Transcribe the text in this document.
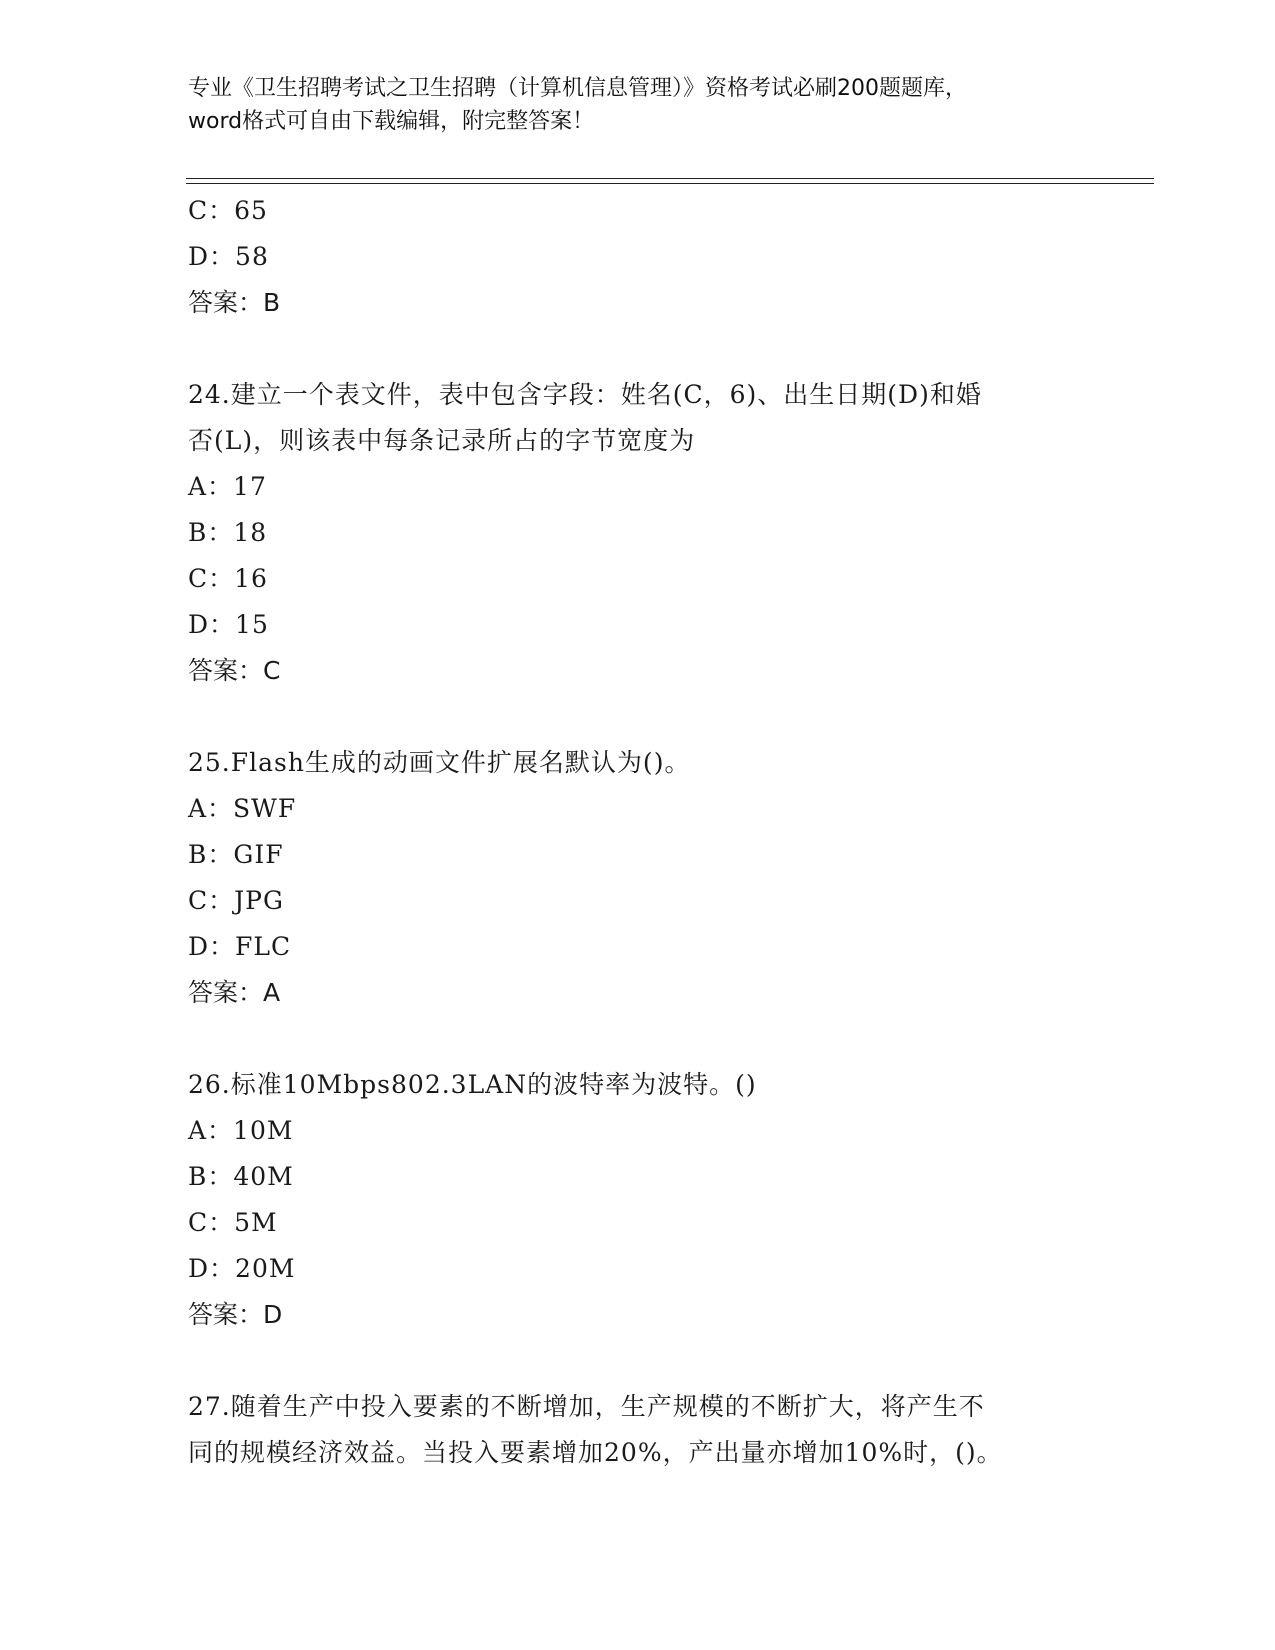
专业《卫生招聘考试之卫生招聘（计算机信息管理）》资格考试必刷200题题库，
word格式可自由下载编辑，附完整答案！
C：65
D：58
答案：B
24.建立一个表文件，表中包含字段：姓名(C，6)、出生日期(D)和婚
否(L)，则该表中每条记录所占的字节宽度为
A：17
B：18
C：16
D：15
答案：C
25.Flash生成的动画文件扩展名默认为()。
A：SWF
B：GIF
C：JPG
D：FLC
答案：A
26.标准10Mbps802.3LAN的波特率为波特。()
A：10M
B：40M
C：5M
D：20M
答案：D
27.随着生产中投入要素的不断增加，生产规模的不断扩大，将产生不
同的规模经济效益。当投入要素增加20%，产出量亦增加10%时，()。
